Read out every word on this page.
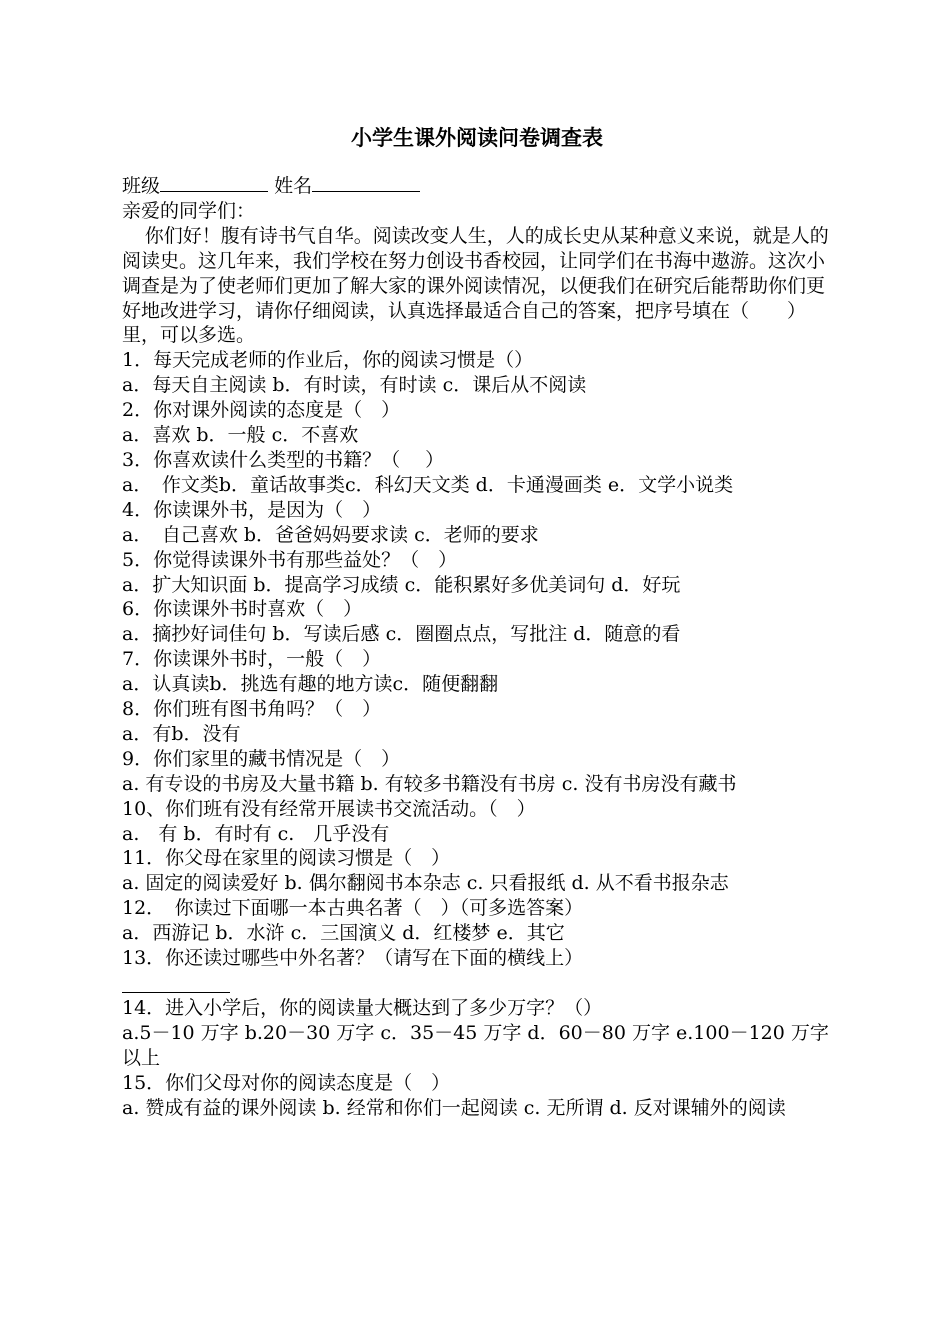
小学生课外阅读问卷调查表
班级	姓名
亲爱的同学们：
你们好！腹有诗书气自华。阅读改变人生，人的成长史从某种意义来说，就是人的阅读史。这几年来，我们学校在努力创设书香校园，让同学们在书海中遨游。这次小调查是为了使老师们更加了解大家的课外阅读情况，以便我们在研究后能帮助你们更好地改进学习，请你仔细阅读，认真选择最适合自己的答案，把序号填在（　　）里，可以多选。
1．每天完成老师的作业后，你的阅读习惯是（）
a．每天自主阅读 b．有时读，有时读 c．课后从不阅读
2．你对课外阅读的态度是（　）
a．喜欢 b．一般 c．不喜欢
3．你喜欢读什么类型的书籍？（　 ）
a．　作文类b．童话故事类c．科幻天文类 d．卡通漫画类 e．文学小说类
4．你读课外书，是因为（　）
a．　自己喜欢 b．爸爸妈妈要求读 c．老师的要求
5．你觉得读课外书有那些益处？（　）
a．扩大知识面 b．提高学习成绩 c．能积累好多优美词句 d．好玩
6．你读课外书时喜欢（　）
a．摘抄好词佳句 b．写读后感 c．圈圈点点，写批注 d．随意的看
7．你读课外书时，一般（　）
a．认真读b．挑选有趣的地方读c．随便翻翻
8．你们班有图书角吗？（　）
a．有b．没有
9．你们家里的藏书情况是（　）
a. 有专设的书房及大量书籍 b. 有较多书籍没有书房 c. 没有书房没有藏书
10、你们班有没有经常开展读书交流活动。（　）
a.　有 b．有时有 c.　几乎没有
11．你父母在家里的阅读习惯是（　）
a. 固定的阅读爱好 b. 偶尔翻阅书本杂志 c. 只看报纸 d. 从不看书报杂志
12．　你读过下面哪一本古典名著（　）（可多选答案）
a．西游记 b．水浒 c．三国演义 d．红楼梦 e．其它
13．你还读过哪些中外名著？（请写在下面的横线上）
14．进入小学后，你的阅读量大概达到了多少万字？（）
a.5－10 万字 b.20－30 万字 c．35－45 万字 d．60－80 万字 e.100－120 万字以上
15．你们父母对你的阅读态度是（　）
a. 赞成有益的课外阅读 b. 经常和你们一起阅读 c. 无所谓 d. 反对课辅外的阅读
